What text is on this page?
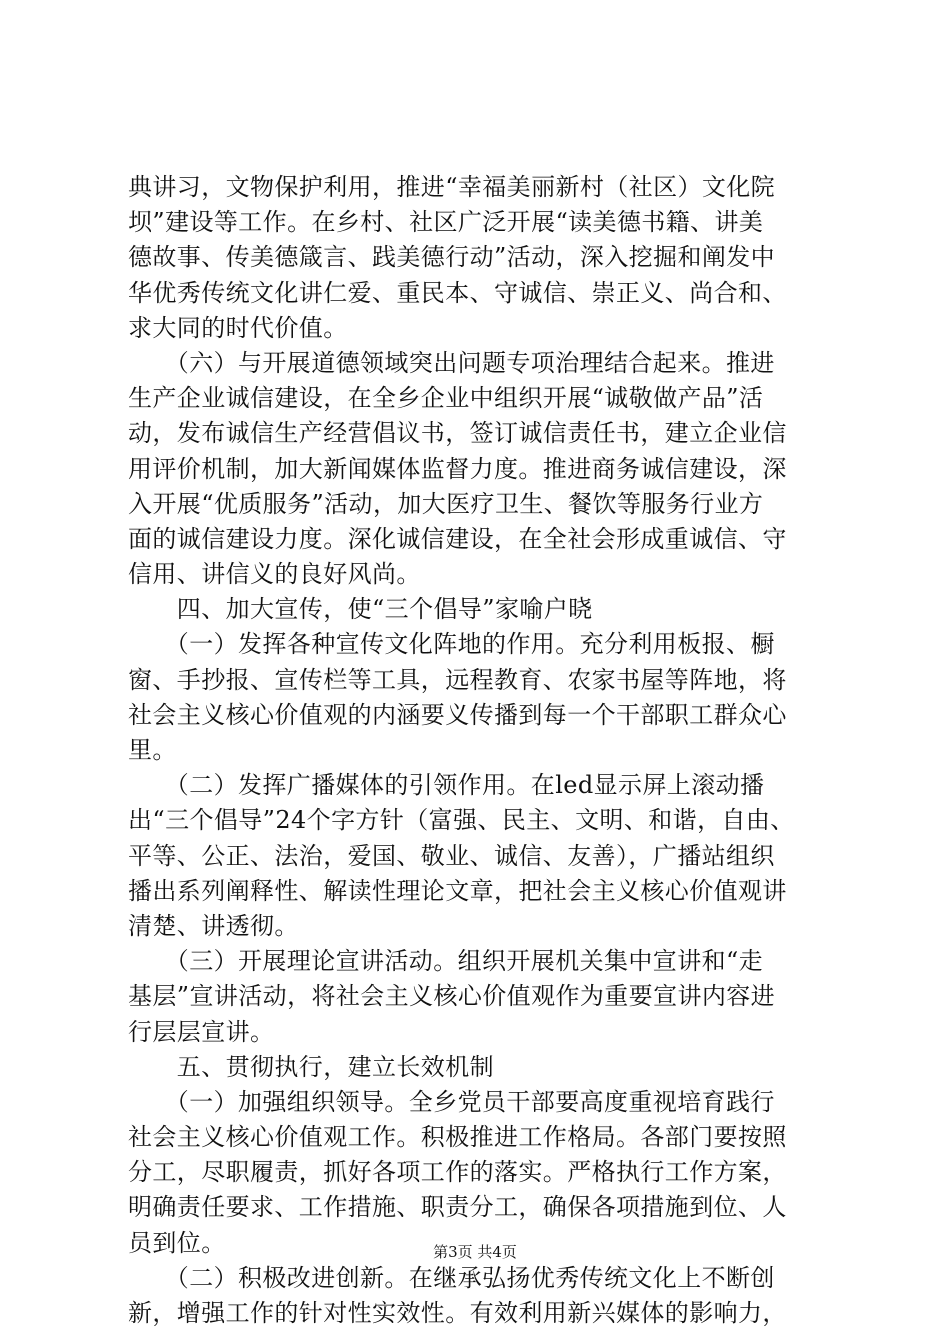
典讲习，文物保护利用，推进“幸福美丽新村（社区）文化院
坝”建设等工作。在乡村、社区广泛开展“读美德书籍、讲美
德故事、传美德箴言、践美德行动”活动，深入挖掘和阐发中
华优秀传统文化讲仁爱、重民本、守诚信、崇正义、尚合和、
求大同的时代价值。
　　（六）与开展道德领域突出问题专项治理结合起来。推进
生产企业诚信建设，在全乡企业中组织开展“诚敬做产品”活
动，发布诚信生产经营倡议书，签订诚信责任书，建立企业信
用评价机制，加大新闻媒体监督力度。推进商务诚信建设，深
入开展“优质服务”活动，加大医疗卫生、餐饮等服务行业方
面的诚信建设力度。深化诚信建设，在全社会形成重诚信、守
信用、讲信义的良好风尚。
　　四、加大宣传，使“三个倡导”家喻户晓
　　（一）发挥各种宣传文化阵地的作用。充分利用板报、橱
窗、手抄报、宣传栏等工具，远程教育、农家书屋等阵地，将
社会主义核心价值观的内涵要义传播到每一个干部职工群众心
里。
　　（二）发挥广播媒体的引领作用。在led显示屏上滚动播
出“三个倡导”24个字方针（富强、民主、文明、和谐，自由、
平等、公正、法治，爱国、敬业、诚信、友善），广播站组织
播出系列阐释性、解读性理论文章，把社会主义核心价值观讲
清楚、讲透彻。
　　（三）开展理论宣讲活动。组织开展机关集中宣讲和“走
基层”宣讲活动，将社会主义核心价值观作为重要宣讲内容进
行层层宣讲。
　　五、贯彻执行，建立长效机制
　　（一）加强组织领导。全乡党员干部要高度重视培育践行
社会主义核心价值观工作。积极推进工作格局。各部门要按照
分工，尽职履责，抓好各项工作的落实。严格执行工作方案，
明确责任要求、工作措施、职责分工，确保各项措施到位、人
员到位。
　　（二）积极改进创新。在继承弘扬优秀传统文化上不断创
新，增强工作的针对性实效性。有效利用新兴媒体的影响力，
第3页 共4页
